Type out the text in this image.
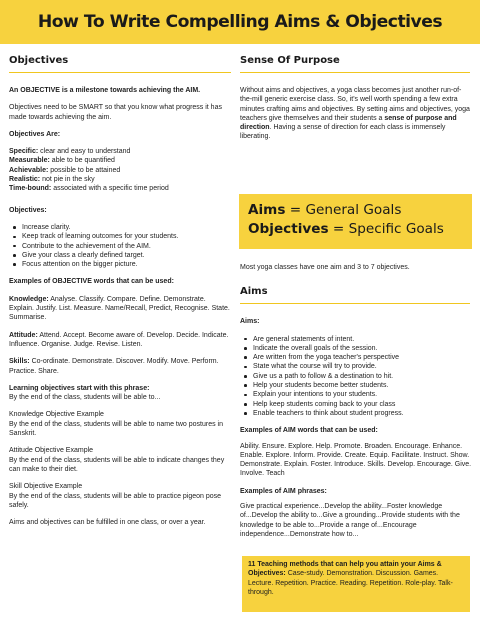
How To Write Compelling Aims & Objectives
Objectives

An OBJECTIVE is a milestone towards achieving the AIM.

Objectives need to be SMART so that you know what progress it has made towards achieving the aim.

Objectives Are:

Specific: clear and easy to understand
Measurable: able to be quantified
Achievable: possible to be attained
Realistic: not pie in the sky
Time-bound: associated with a specific time period

Objectives:

Increase clarity.
Keep track of learning outcomes for your students.
Contribute to the achievement of the AIM.
Give your class a clearly defined target.
Focus attention on the bigger picture.

Examples of OBJECTIVE words that can be used:

Knowledge: Analyse. Classify. Compare. Define. Demonstrate. Explain. Justify. List. Measure. Name/Recall, Predict, Recognise. State. Summarise.

Attitude: Attend. Accept. Become aware of. Develop. Decide. Indicate. Influence. Organise. Judge. Revise. Listen.

Skills: Co-ordinate. Demonstrate. Discover. Modify. Move. Perform. Practice. Share.

Learning objectives start with this phrase:

By the end of the class, students will be able to...

Knowledge Objective Example

By the end of the class, students will be able to name two postures in Sanskrit.

Attitude Objective Example

By the end of the class, students will be able to indicate changes they can make to their diet.

Skill Objective Example

By the end of the class, students will be able to practice pigeon pose safely.

Aims and objectives can be fulfilled in one class, or over a year.

Sense Of Purpose

Without aims and objectives, a yoga class becomes just another run-of-the-mill generic exercise class. So, it's well worth spending a few extra minutes crafting aims and objectives. By setting aims and objectives, yoga teachers give themselves and their students a sense of purpose and direction. Having a sense of direction for each class is immensely liberating.

Aims = General Goals
Objectives = Specific Goals

Most yoga classes have one aim and 3 to 7 objectives.

Aims

Aims:

Are general statements of intent.
Indicate the overall goals of the session.
Are written from the yoga teacher's perspective
State what the course will try to provide.
Give us a path to follow & a destination to hit.
Help your students become better students.
Explain your intentions to your students.
Help keep students coming back to your class
Enable teachers to think about student progress.

Examples of AIM words that can be used:

Ability. Ensure. Explore. Help. Promote. Broaden. Encourage. Enhance. Enable. Explore. Inform. Provide. Create. Equip. Facilitate. Instruct. Show. Demonstrate. Explain. Foster. Introduce. Skills. Develop. Encourage. Give. Involve. Teach

Examples of AIM phrases:

Give practical experience...Develop the ability...Foster knowledge of...Develop the ability to...Give a grounding...Provide students with the knowledge to be able to...Provide a range of...Encourage independence...Demonstrate how to...

11 Teaching methods that can help you attain your Aims & Objectives: Case-study. Demonstration. Discussion. Games. Lecture. Repetition. Practice. Reading. Repetition. Role-play. Talk-through.
